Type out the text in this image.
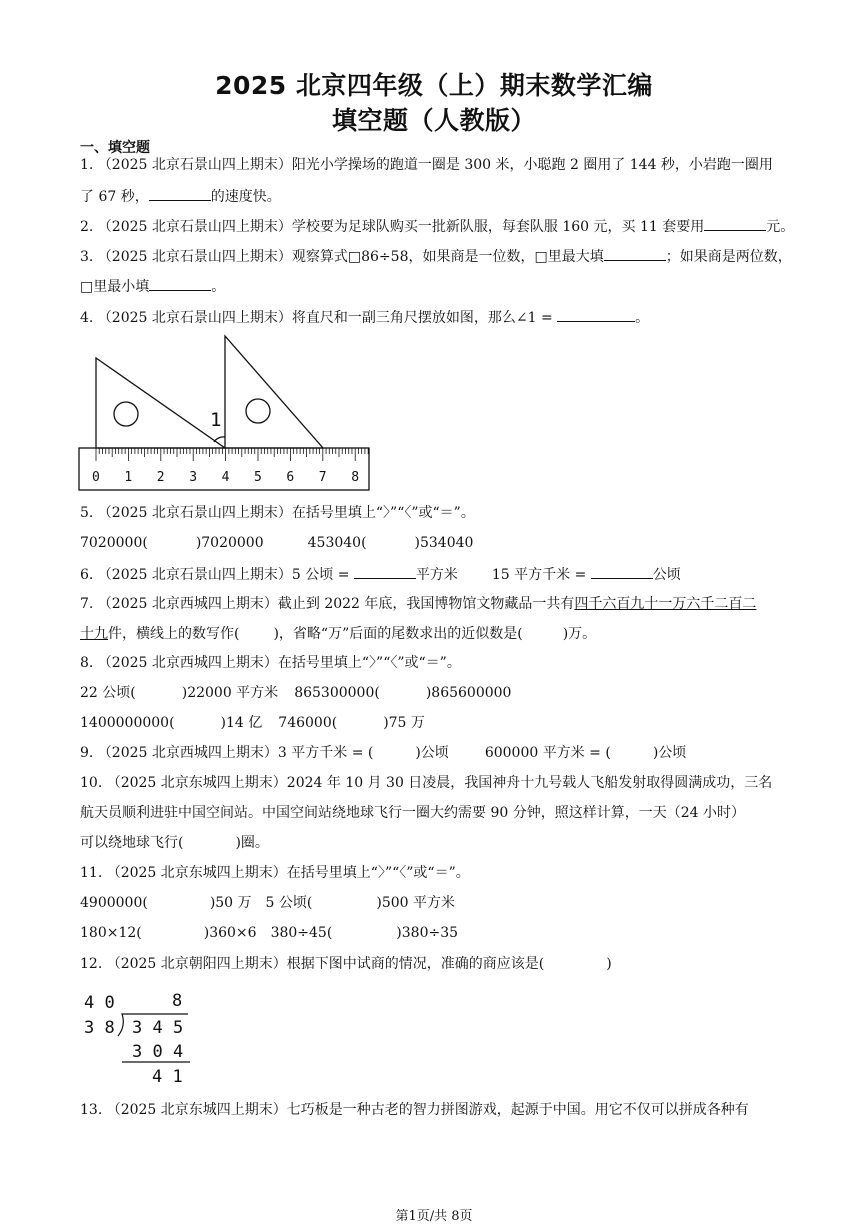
2025 北京四年级（上）期末数学汇编
填空题（人教版）
一、填空题
1. （2025 北京石景山四上期末）阳光小学操场的跑道一圈是 300 米，小聪跑 2 圈用了 144 秒，小岩跑一圈用
了 67 秒，	的速度快。
2. （2025 北京石景山四上期末）学校要为足球队购买一批新队服，每套队服 160 元，买 11 套要用	元。
3. （2025 北京石景山四上期末）观察算式□86÷58，如果商是一位数，□里最大填	；如果商是两位数，
□里最小填	。
4. （2025 北京石景山四上期末）将直尺和一副三角尺摆放如图，那么∠1 =	。
1
0 1 2 3 4 5 6 7 8
5. （2025 北京石景山四上期末）在括号里填上“〉”“〈”或“＝”。
7020000(	)7020000	453040(	)534040
6. （2025 北京石景山四上期末）5 公顷 =	平方米 15 平方千米 =	公顷
7. （2025 北京西城四上期末）截止到 2022 年底，我国博物馆文物藏品一共有四千六百九十一万六千二百二
十九件，横线上的数写作( )，省略“万”后面的尾数求出的近似数是(	)万。
8. （2025 北京西城四上期末）在括号里填上“〉”“〈”或“＝”。
22 公顷(	)22000 平方米 865300000(	)865600000
1400000000(	)14 亿 746000(	)75 万
9. （2025 北京西城四上期末）3 平方千米 = (	)公顷	600000 平方米 = (	)公顷
10. （2025 北京东城四上期末）2024 年 10 月 30 日凌晨，我国神舟十九号载人飞船发射取得圆满成功，三名
航天员顺利进驻中国空间站。中国空间站绕地球飞行一圈大约需要 90 分钟，照这样计算，一天（24 小时）
可以绕地球飞行(	)圈。
11. （2025 北京东城四上期末）在括号里填上“〉”“〈”或“＝”。
4900000(	)50 万 5 公顷(	)500 平方米
180×12(	)360×6 380÷45(	)380÷35
12. （2025 北京朝阳四上期末）根据下图中试商的情况，准确的商应该是(	)
4 0	8
3 8 3 4 5
3 0 4
4 1
13. （2025 北京东城四上期末）七巧板是一种古老的智力拼图游戏，起源于中国。用它不仅可以拼成各种有
第1页/共 8页
